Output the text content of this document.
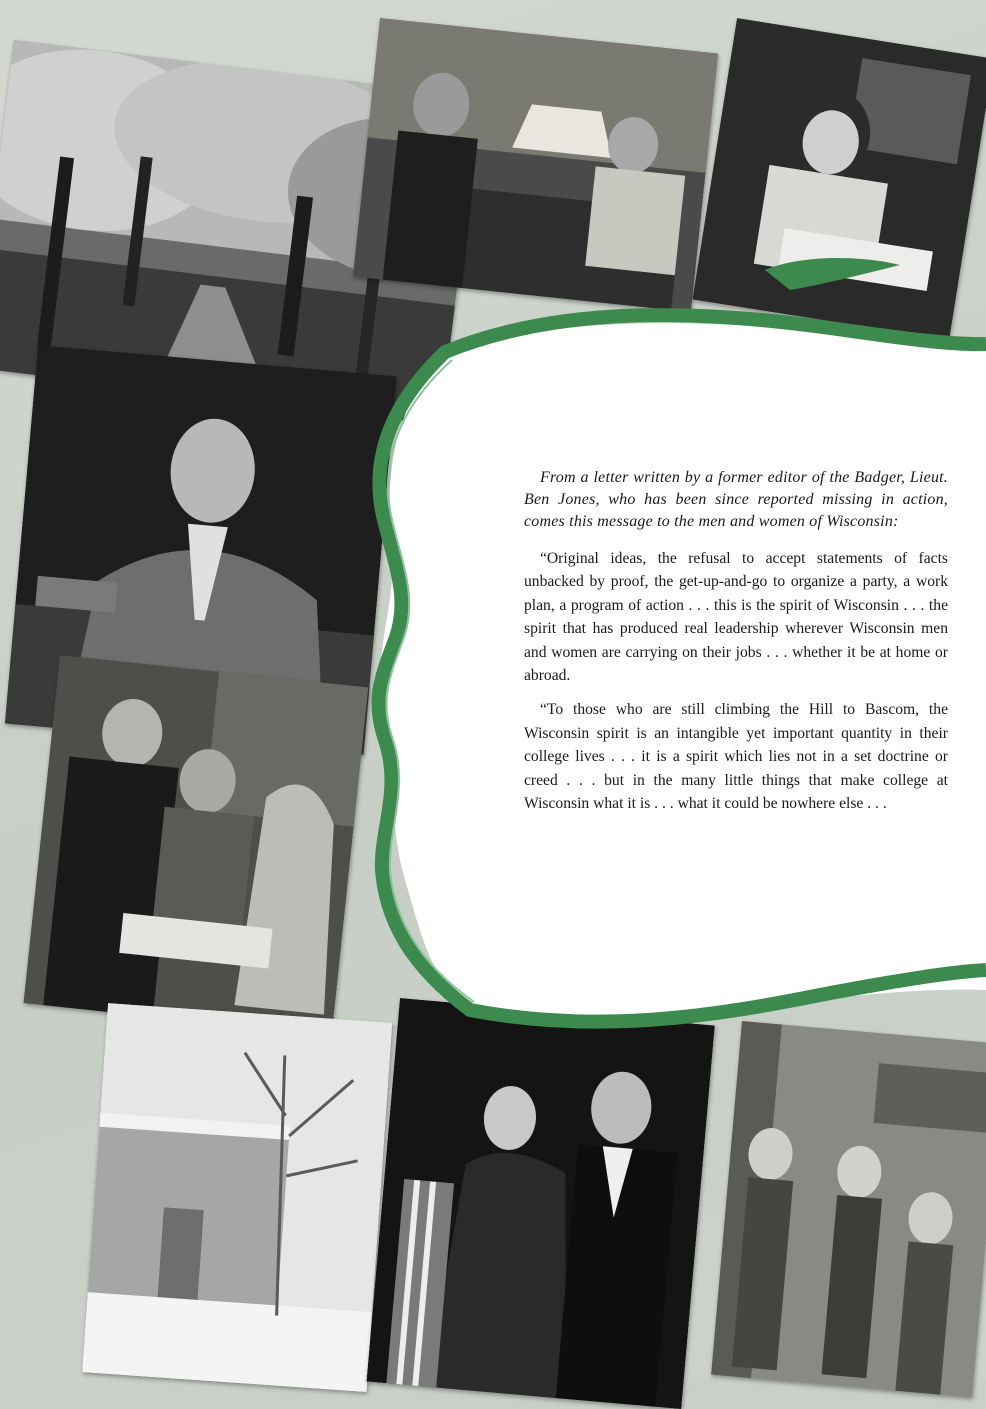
From a letter written by a former editor of the Badger, Lieut. Ben Jones, who has been since reported missing in action, comes this message to the men and women of Wisconsin:

“Original ideas, the refusal to accept statements of facts unbacked by proof, the get-up-and-go to organize a party, a work plan, a program of action . . . this is the spirit of Wisconsin . . . the spirit that has produced real leadership wherever Wisconsin men and women are carrying on their jobs . . . whether it be at home or abroad.

“To those who are still climbing the Hill to Bascom, the Wisconsin spirit is an intangible yet important quantity in their college lives . . . it is a spirit which lies not in a set doctrine or creed . . . but in the many little things that make college at Wisconsin what it is . . . what it could be nowhere else . . .
